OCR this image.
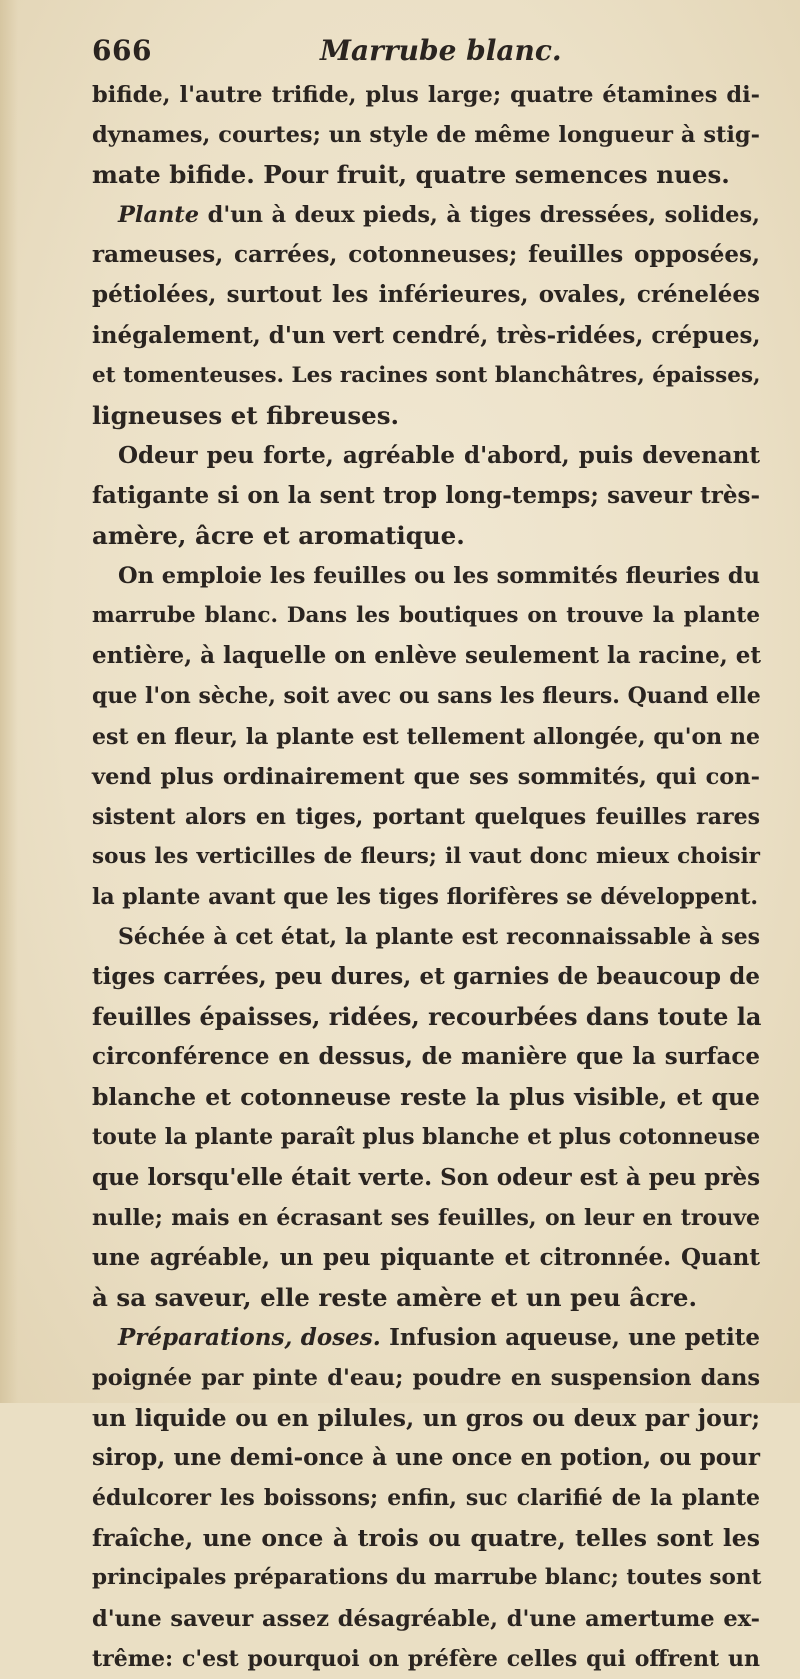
666	Marrube blanc.
bifide, l'autre trifide, plus large; quatre étamines di-
dynames, courtes; un style de même longueur à stig-
mate bifide. Pour fruit, quatre semences nues.
Plante d'un à deux pieds, à tiges dressées, solides,
rameuses, carrées, cotonneuses; feuilles opposées,
pétiolées, surtout les inférieures, ovales, crénelées
inégalement, d'un vert cendré, très-ridées, crépues,
et tomenteuses. Les racines sont blanchâtres, épaisses,
ligneuses et fibreuses.
Odeur peu forte, agréable d'abord, puis devenant
fatigante si on la sent trop long-temps; saveur très-
amère, âcre et aromatique.
On emploie les feuilles ou les sommités fleuries du
marrube blanc. Dans les boutiques on trouve la plante
entière, à laquelle on enlève seulement la racine, et
que l'on sèche, soit avec ou sans les fleurs. Quand elle
est en fleur, la plante est tellement allongée, qu'on ne
vend plus ordinairement que ses sommités, qui con-
sistent alors en tiges, portant quelques feuilles rares
sous les verticilles de fleurs; il vaut donc mieux choisir
la plante avant que les tiges florifères se développent.
Séchée à cet état, la plante est reconnaissable à ses
tiges carrées, peu dures, et garnies de beaucoup de
feuilles épaisses, ridées, recourbées dans toute la
circonférence en dessus, de manière que la surface
blanche et cotonneuse reste la plus visible, et que
toute la plante paraît plus blanche et plus cotonneuse
que lorsqu'elle était verte. Son odeur est à peu près
nulle; mais en écrasant ses feuilles, on leur en trouve
une agréable, un peu piquante et citronnée. Quant
à sa saveur, elle reste amère et un peu âcre.
Préparations, doses. Infusion aqueuse, une petite
poignée par pinte d'eau; poudre en suspension dans
un liquide ou en pilules, un gros ou deux par jour;
sirop, une demi-once à une once en potion, ou pour
édulcorer les boissons; enfin, suc clarifié de la plante
fraîche, une once à trois ou quatre, telles sont les
principales préparations du marrube blanc; toutes sont
d'une saveur assez désagréable, d'une amertume ex-
trême: c'est pourquoi on préfère celles qui offrent un
